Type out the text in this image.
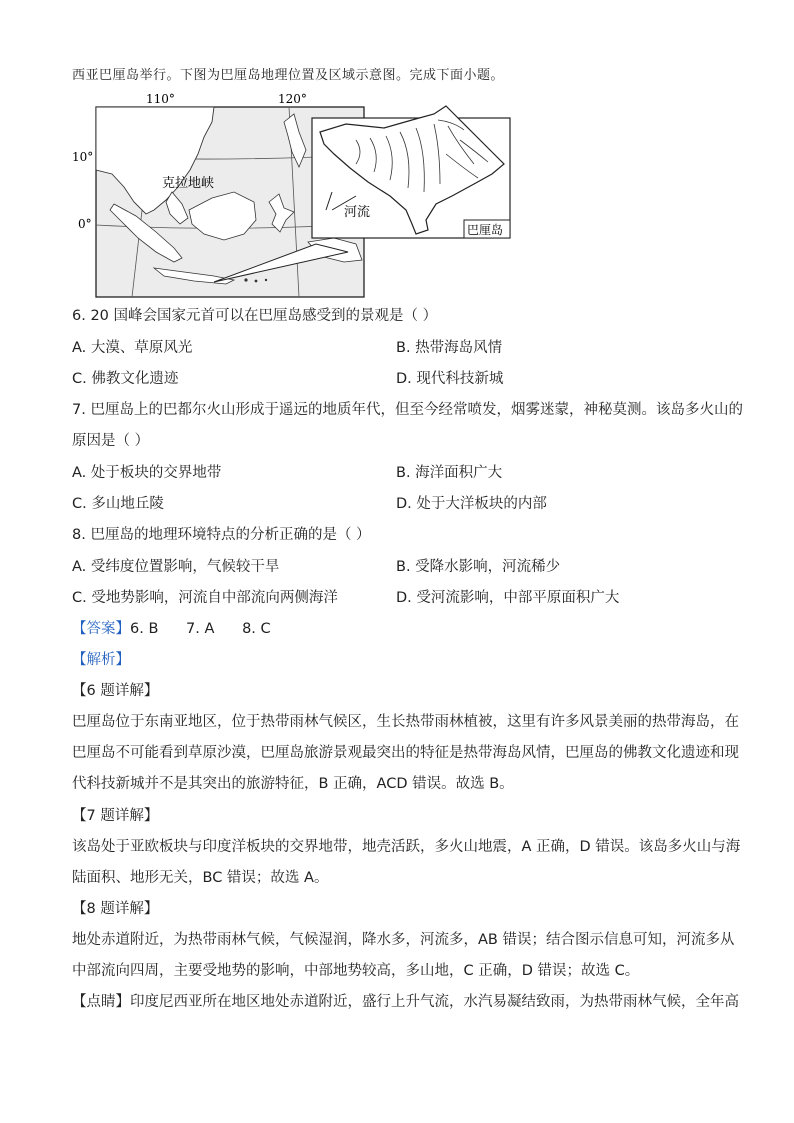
西亚巴厘岛举行。下图为巴厘岛地理位置及区域示意图。完成下面小题。
110°	120°
10°
0°
克拉地峡
河流
巴厘岛
6. 20 国峰会国家元首可以在巴厘岛感受到的景观是（ ）
A. 大漠、草原风光	B. 热带海岛风情
C. 佛教文化遗迹	D. 现代科技新城
7. 巴厘岛上的巴都尔火山形成于遥远的地质年代，但至今经常喷发，烟雾迷蒙，神秘莫测。该岛多火山的
原因是（ ）
A. 处于板块的交界地带	B. 海洋面积广大
C. 多山地丘陵	D. 处于大洋板块的内部
8. 巴厘岛的地理环境特点的分析正确的是（ ）
A. 受纬度位置影响，气候较干旱	B. 受降水影响，河流稀少
C. 受地势影响，河流自中部流向两侧海洋	D. 受河流影响，中部平原面积广大
【答案】6. B      7. A      8. C
【解析】
【6 题详解】
巴厘岛位于东南亚地区，位于热带雨林气候区，生长热带雨林植被，这里有许多风景美丽的热带海岛，在
巴厘岛不可能看到草原沙漠，巴厘岛旅游景观最突出的特征是热带海岛风情，巴厘岛的佛教文化遗迹和现
代科技新城并不是其突出的旅游特征，B 正确，ACD 错误。故选 B。
【7 题详解】
该岛处于亚欧板块与印度洋板块的交界地带，地壳活跃，多火山地震，A 正确，D 错误。该岛多火山与海
陆面积、地形无关，BC 错误；故选 A。
【8 题详解】
地处赤道附近，为热带雨林气候，气候湿润，降水多，河流多，AB 错误；结合图示信息可知，河流多从
中部流向四周，主要受地势的影响，中部地势较高，多山地，C 正确，D 错误；故选 C。
【点睛】印度尼西亚所在地区地处赤道附近，盛行上升气流，水汽易凝结致雨，为热带雨林气候，全年高
